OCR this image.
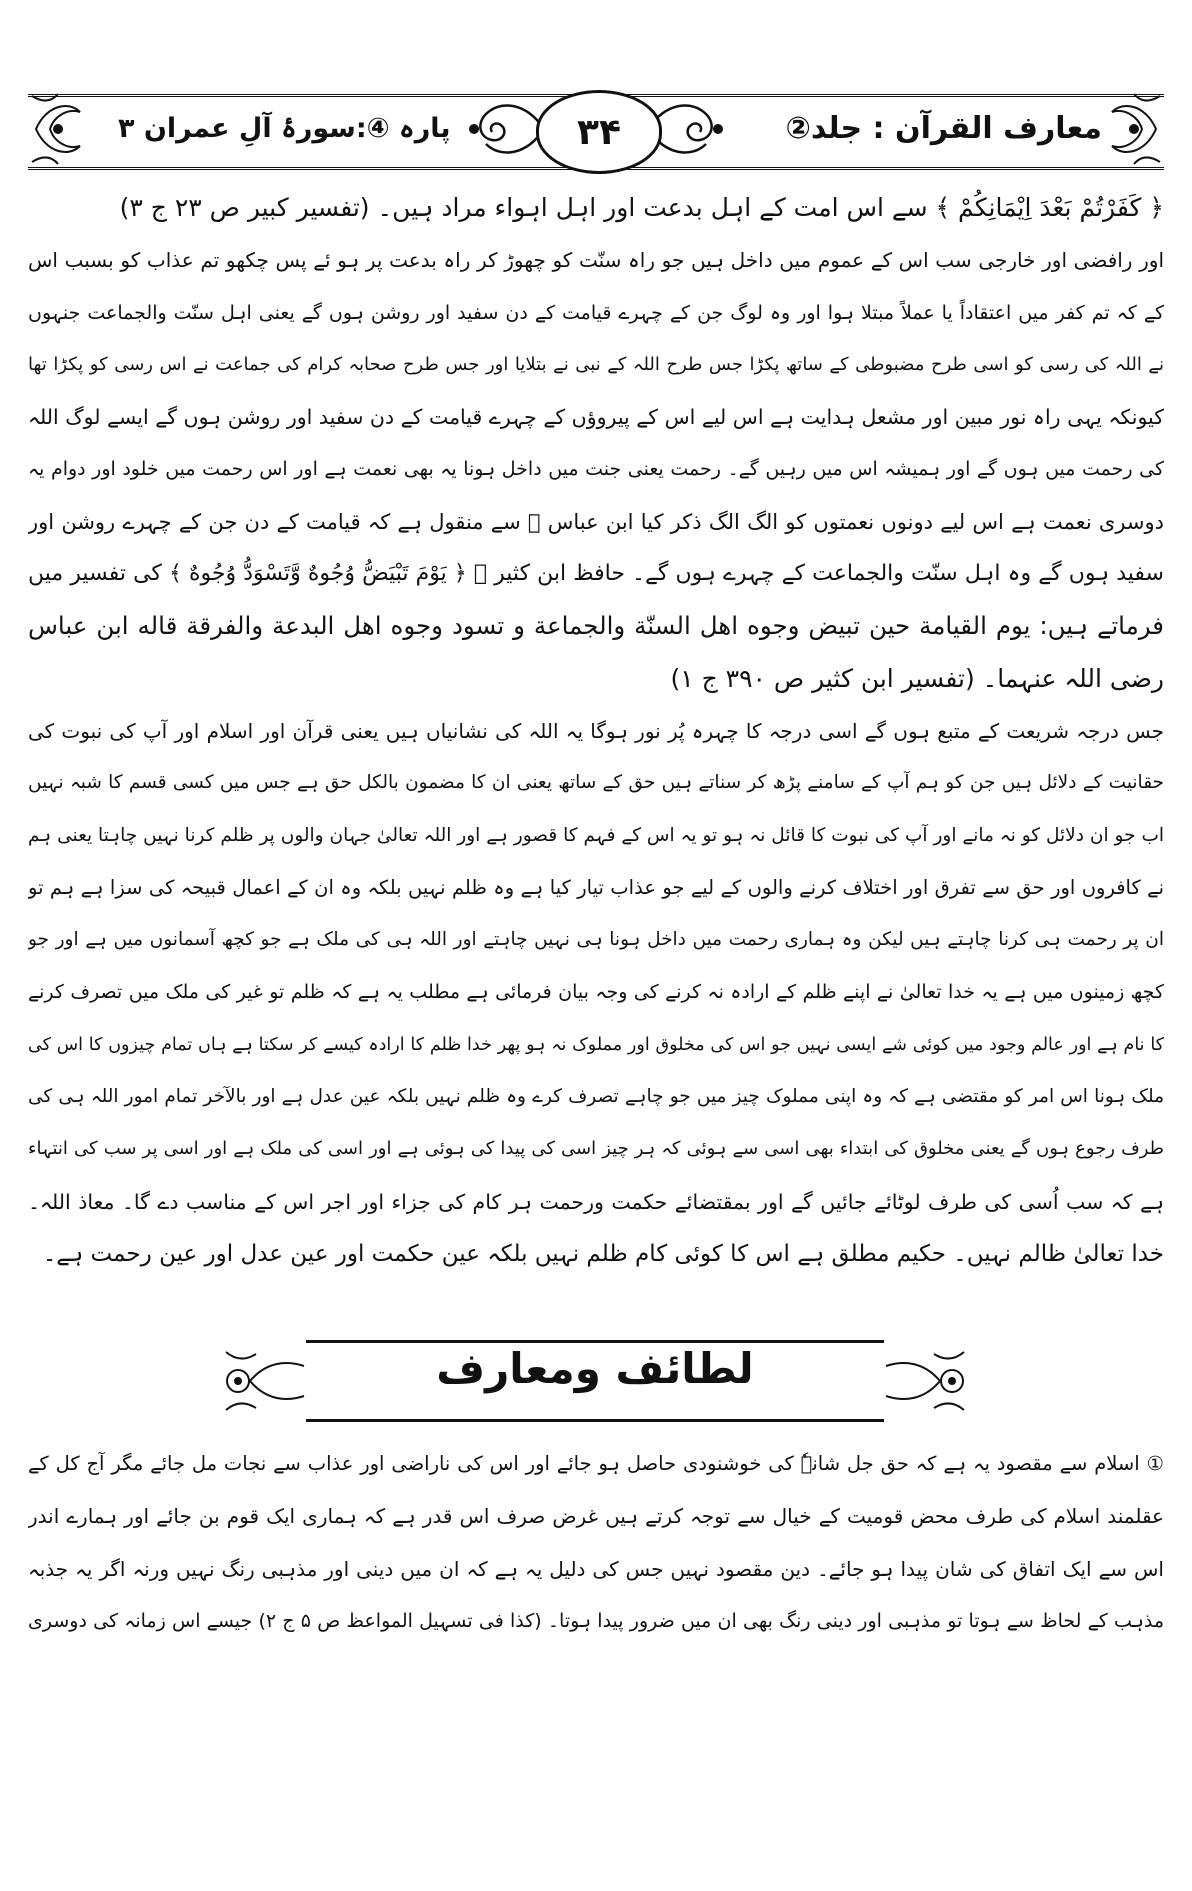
معارف القرآن : جلد②
پارہ ④:سورۂ آلِ عمران ۳	۳۴
﴿ كَفَرْتُمْ بَعْدَ اِيْمَانِكُمْ ﴾ سے اس امت کے اہل بدعت اور اہل اہواء مراد ہیں۔ (تفسیر کبیر ص ۲۳ ج ۳)
اور رافضی اور خارجی سب اس کے عموم میں داخل ہیں جو راہ سنّت کو چھوڑ کر راہ بدعت پر ہو ئے پس چکھو تم عذاب کو بسبب اس
کے کہ تم کفر میں اعتقاداً یا عملاً مبتلا ہوا اور وہ لوگ جن کے چہرے قیامت کے دن سفید اور روشن ہوں گے یعنی اہل سنّت والجماعت جنہوں
نے اللہ کی رسی کو اسی طرح مضبوطی کے ساتھ پکڑا جس طرح اللہ کے نبی نے بتلایا اور جس طرح صحابہ کرام کی جماعت نے اس رسی کو پکڑا تھا
کیونکہ یہی راہ نور مبین اور مشعل ہدایت ہے اس لیے اس کے پیروؤں کے چہرے قیامت کے دن سفید اور روشن ہوں گے ایسے لوگ اللہ
کی رحمت میں ہوں گے اور ہمیشہ اس میں رہیں گے۔ رحمت یعنی جنت میں داخل ہونا یہ بھی نعمت ہے اور اس رحمت میں خلود اور دوام یہ
دوسری نعمت ہے اس لیے دونوں نعمتوں کو الگ الگ ذکر کیا ابن عباس ﷜ سے منقول ہے کہ قیامت کے دن جن کے چہرے روشن اور
سفید ہوں گے وہ اہل سنّت والجماعت کے چہرے ہوں گے۔ حافظ ابن کثیر ﷫ ﴿ يَوْمَ تَبْيَضُّ وُجُوهٌ وَّتَسْوَدُّ وُجُوهٌ ﴾ کی تفسیر میں
فرماتے ہیں: يوم القيامة حين تبيض وجوه اهل السنّة والجماعة و تسود وجوه اهل البدعة والفرقة قاله ابن عباس
رضی اللہ عنہما۔ (تفسیر ابن کثیر ص ۳۹۰ ج ۱)
جس درجہ شریعت کے متبع ہوں گے اسی درجہ کا چہرہ پُر نور ہوگا یہ اللہ کی نشانیاں ہیں یعنی قرآن اور اسلام اور آپ کی نبوت کی
حقانیت کے دلائل ہیں جن کو ہم آپ کے سامنے پڑھ کر سناتے ہیں حق کے ساتھ یعنی ان کا مضمون بالکل حق ہے جس میں کسی قسم کا شبہ نہیں
اب جو ان دلائل کو نہ مانے اور آپ کی نبوت کا قائل نہ ہو تو یہ اس کے فہم کا قصور ہے اور اللہ تعالیٰ جہان والوں پر ظلم کرنا نہیں چاہتا یعنی ہم
نے کافروں اور حق سے تفرق اور اختلاف کرنے والوں کے لیے جو عذاب تیار کیا ہے وہ ظلم نہیں بلکہ وہ ان کے اعمال قبیحہ کی سزا ہے ہم تو
ان پر رحمت ہی کرنا چاہتے ہیں لیکن وہ ہماری رحمت میں داخل ہونا ہی نہیں چاہتے اور اللہ ہی کی ملک ہے جو کچھ آسمانوں میں ہے اور جو
کچھ زمینوں میں ہے یہ خدا تعالیٰ نے اپنے ظلم کے ارادہ نہ کرنے کی وجہ بیان فرمائی ہے مطلب یہ ہے کہ ظلم تو غیر کی ملک میں تصرف کرنے
کا نام ہے اور عالم وجود میں کوئی شے ایسی نہیں جو اس کی مخلوق اور مملوک نہ ہو پھر خدا ظلم کا ارادہ کیسے کر سکتا ہے ہاں تمام چیزوں کا اس کی
ملک ہونا اس امر کو مقتضی ہے کہ وہ اپنی مملوک چیز میں جو چاہے تصرف کرے وہ ظلم نہیں بلکہ عین عدل ہے اور بالآخر تمام امور اللہ ہی کی
طرف رجوع ہوں گے یعنی مخلوق کی ابتداء بھی اسی سے ہوئی کہ ہر چیز اسی کی پیدا کی ہوئی ہے اور اسی کی ملک ہے اور اسی پر سب کی انتہاء
ہے کہ سب اُسی کی طرف لوٹائے جائیں گے اور بمقتضائے حکمت ورحمت ہر کام کی جزاء اور اجر اس کے مناسب دے گا۔ معاذ اللہ۔
خدا تعالیٰ ظالم نہیں۔ حکیم مطلق ہے اس کا کوئی کام ظلم نہیں بلکہ عین حکمت اور عین عدل اور عین رحمت ہے۔
لطائف ومعارف
① اسلام سے مقصود یہ ہے کہ حق جل شانہٗ کی خوشنودی حاصل ہو جائے اور اس کی ناراضی اور عذاب سے نجات مل جائے مگر آج کل کے
عقلمند اسلام کی طرف محض قومیت کے خیال سے توجہ کرتے ہیں غرض صرف اس قدر ہے کہ ہماری ایک قوم بن جائے اور ہمارے اندر
اس سے ایک اتفاق کی شان پیدا ہو جائے۔ دین مقصود نہیں جس کی دلیل یہ ہے کہ ان میں دینی اور مذہبی رنگ نہیں ورنہ اگر یہ جذبہ
مذہب کے لحاظ سے ہوتا تو مذہبی اور دینی رنگ بھی ان میں ضرور پیدا ہوتا۔ (کذا فی تسہیل المواعظ ص ۵ ج ۲) جیسے اس زمانہ کی دوسری
